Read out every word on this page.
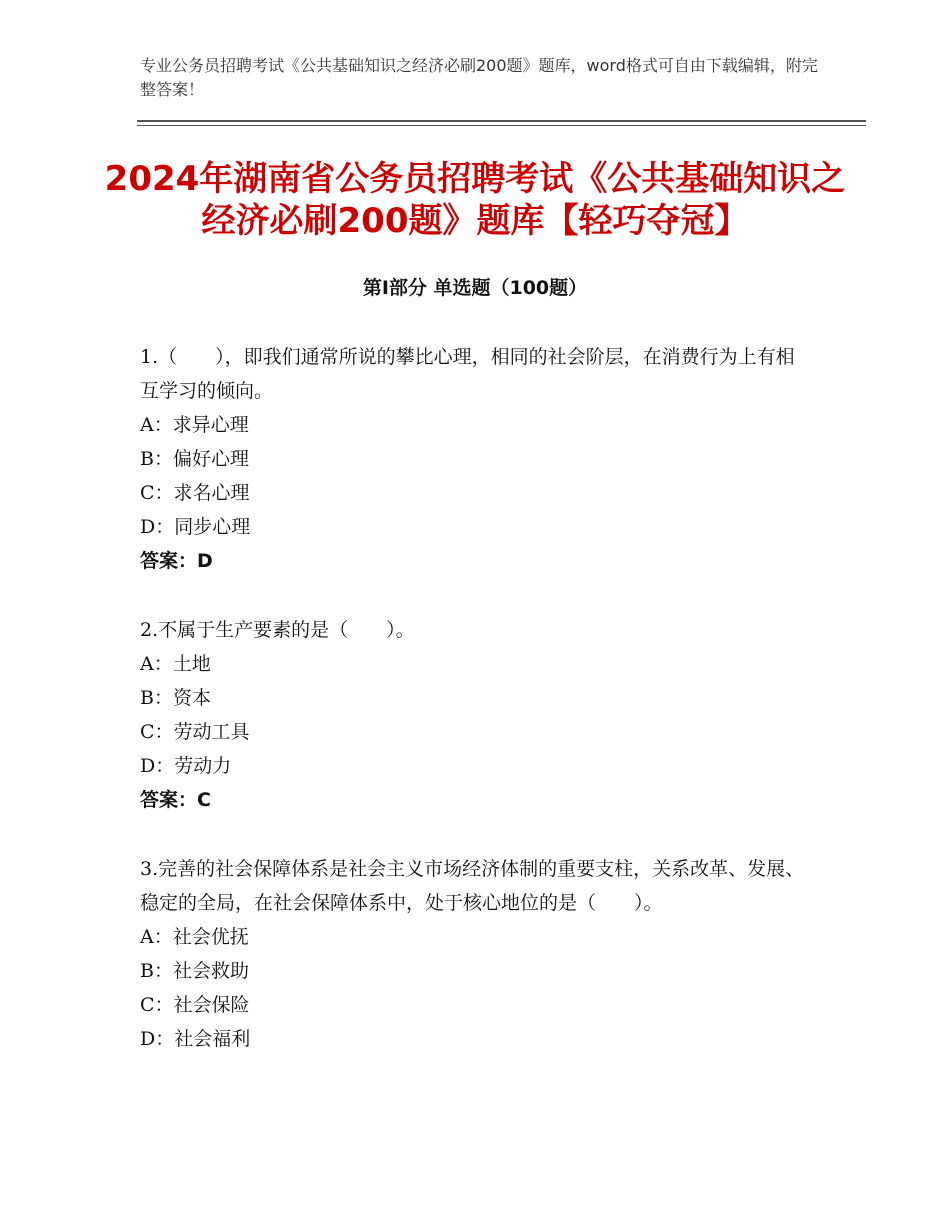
专业公务员招聘考试《公共基础知识之经济必刷200题》题库，word格式可自由下载编辑，附完整答案！
2024年湖南省公务员招聘考试《公共基础知识之经济必刷200题》题库【轻巧夺冠】
第Ⅰ部分 单选题（100题）
1.（　　），即我们通常所说的攀比心理，相同的社会阶层，在消费行为上有相互学习的倾向。
A：求异心理
B：偏好心理
C：求名心理
D：同步心理
答案：D
2.不属于生产要素的是（　　）。
A：土地
B：资本
C：劳动工具
D：劳动力
答案：C
3.完善的社会保障体系是社会主义市场经济体制的重要支柱，关系改革、发展、稳定的全局，在社会保障体系中，处于核心地位的是（　　）。
A：社会优抚
B：社会救助
C：社会保险
D：社会福利
